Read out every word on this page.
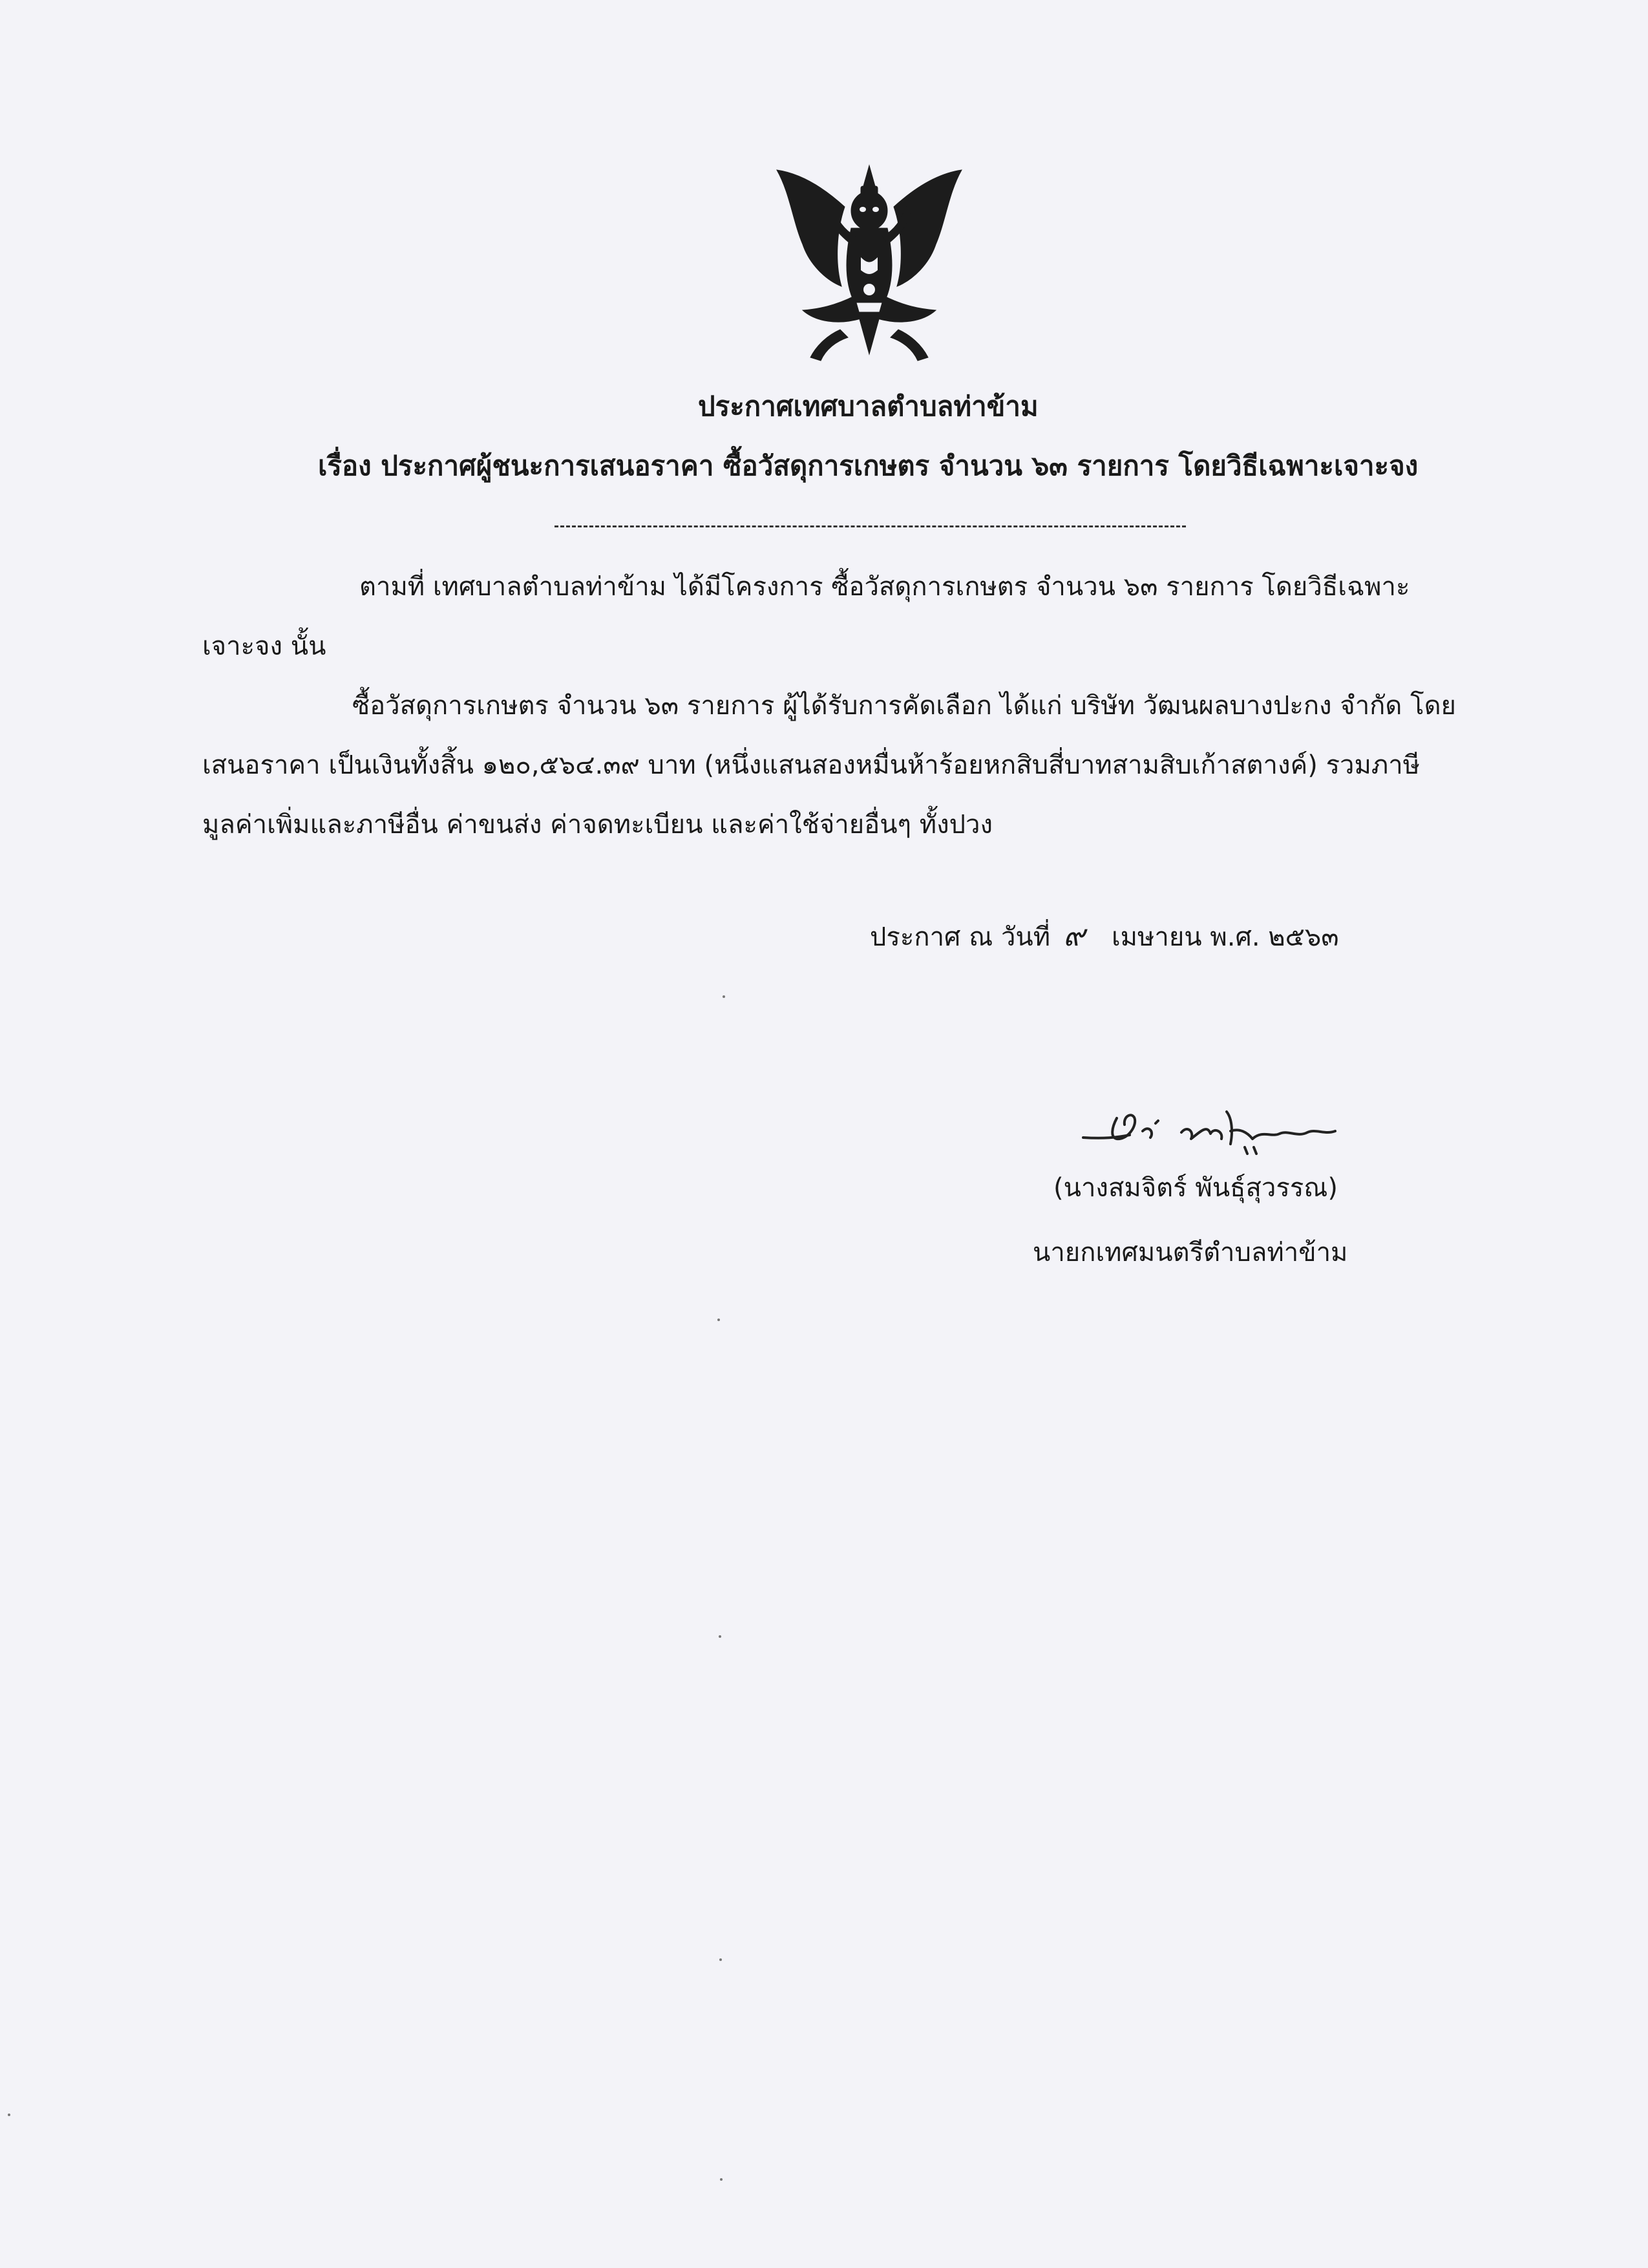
ประกาศเทศบาลตำบลท่าข้าม
เรื่อง ประกาศผู้ชนะการเสนอราคา ซื้อวัสดุการเกษตร จำนวน ๖๓ รายการ โดยวิธีเฉพาะเจาะจง
ตามที่ เทศบาลตำบลท่าข้าม ได้มีโครงการ ซื้อวัสดุการเกษตร จำนวน ๖๓ รายการ โดยวิธีเฉพาะ
เจาะจง นั้น
ซื้อวัสดุการเกษตร จำนวน ๖๓ รายการ ผู้ได้รับการคัดเลือก ได้แก่ บริษัท วัฒนผลบางปะกง จำกัด โดย
เสนอราคา เป็นเงินทั้งสิ้น ๑๒๐,๕๖๔.๓๙ บาท (หนึ่งแสนสองหมื่นห้าร้อยหกสิบสี่บาทสามสิบเก้าสตางค์) รวมภาษี
มูลค่าเพิ่มและภาษีอื่น ค่าขนส่ง ค่าจดทะเบียน และค่าใช้จ่ายอื่นๆ ทั้งปวง
ประกาศ ณ วันที่ ๙ เมษายน พ.ศ. ๒๕๖๓
(นางสมจิตร์ พันธุ์สุวรรณ)
นายกเทศมนตรีตำบลท่าข้าม
